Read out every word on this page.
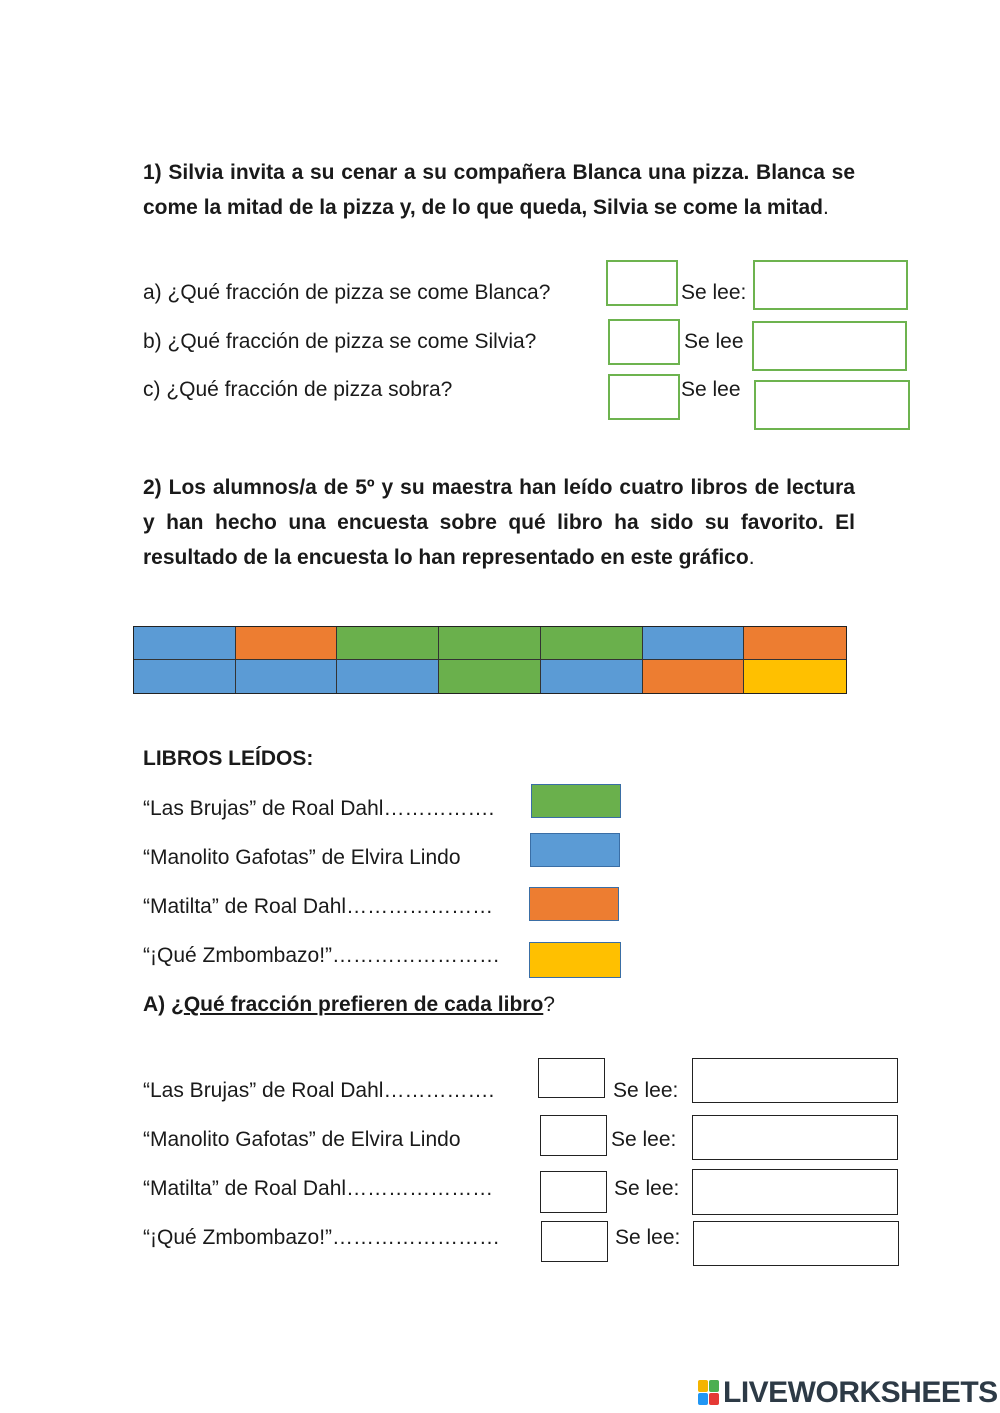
1) Silvia invita a su cenar a su compañera Blanca una pizza. Blanca se come la mitad de la pizza y, de lo que queda, Silvia se come la mitad.
a) ¿Qué fracción de pizza se come Blanca?	Se lee:
b) ¿Qué fracción de pizza se come Silvia?	Se lee
c) ¿Qué fracción de pizza sobra?	Se lee
2) Los alumnos/a de 5º y su maestra han leído cuatro libros de lectura y han hecho una encuesta sobre qué libro ha sido su favorito. El resultado de la encuesta lo han representado en este gráfico.
LIBROS LEÍDOS:
“Las Brujas” de Roal Dahl…………….
“Manolito Gafotas” de Elvira Lindo
“Matilta” de Roal Dahl…………………
“¡Qué Zmbombazo!”……………………
A) ¿Qué fracción prefieren de cada libro?
“Las Brujas” de Roal Dahl…………….	Se lee:
“Manolito Gafotas” de Elvira Lindo	Se lee:
“Matilta” de Roal Dahl…………………	Se lee:
“¡Qué Zmbombazo!”……………………	Se lee:
LIVEWORKSHEETS
